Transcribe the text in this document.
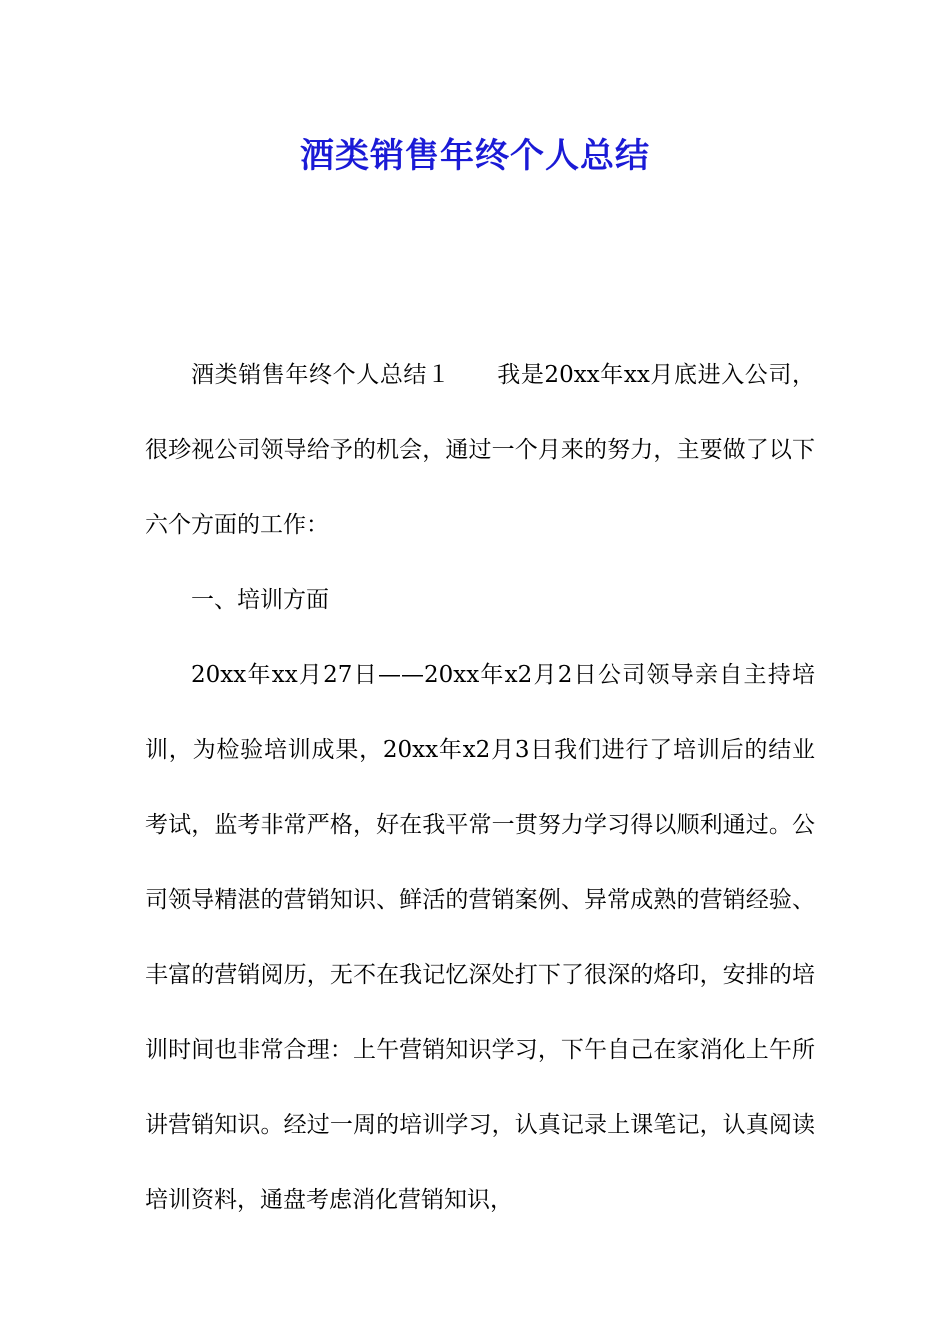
酒类销售年终个人总结

酒类销售年终个人总结１ 我是20xx年xx月底进入公司，很珍视公司领导给予的机会，通过一个月来的努力，主要做了以下六个方面的工作：

一、培训方面

20xx年xx月27日——20xx年x2月2日公司领导亲自主持培训，为检验培训成果，20xx年x2月3日我们进行了培训后的结业考试，监考非常严格，好在我平常一贯努力学习得以顺利通过。公司领导精湛的营销知识、鲜活的营销案例、异常成熟的营销经验、丰富的营销阅历，无不在我记忆深处打下了很深的烙印，安排的培训时间也非常合理：上午营销知识学习，下午自己在家消化上午所讲营销知识。经过一周的培训学习，认真记录上课笔记，认真阅读培训资料，通盘考虑消化营销知识，
